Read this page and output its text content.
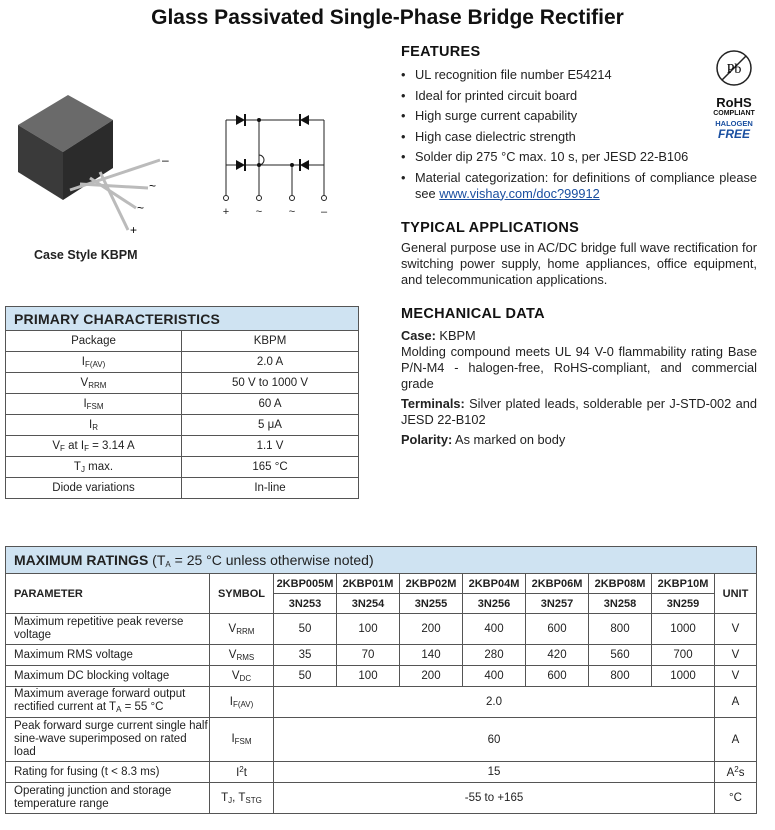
Glass Passivated Single-Phase Bridge Rectifier
–
~
~
+
Case Style KBPM
+ ~ ~ –
Pb
RoHS
COMPLIANT
HALOGEN
FREE
FEATURES
• UL recognition file number E54214
• Ideal for printed circuit board
• High surge current capability
• High case dielectric strength
• Solder dip 275 °C max. 10 s, per JESD 22-B106
• Material categorization: for definitions of compliance please see www.vishay.com/doc?99912
TYPICAL APPLICATIONS
General purpose use in AC/DC bridge full wave rectification for switching power supply, home appliances, office equipment, and telecommunication applications.
MECHANICAL DATA
Case: KBPM
Molding compound meets UL 94 V-0 flammability rating Base P/N-M4 - halogen-free, RoHS-compliant, and commercial grade
Terminals: Silver plated leads, solderable per J-STD-002 and JESD 22-B102
Polarity: As marked on body
PRIMARY CHARACTERISTICS	
Package	KBPM
$I_{F(AV)}$	2.0 A
$V_{RRM}$	50 V to 1000 V
$I_{FSM}$	60 A
$I_R$	5 μA
$V_F$ at $I_F = 3.14$ A	1.1 V
$T_J$ max.	165 °C
Diode variations	In-line
MAXIMUM RATINGS ($T_A = 25$ °C unless otherwise noted)									
PARAMETER	SYMBOL	2KBP005M	2KBP01M	2KBP02M	2KBP04M	2KBP06M	2KBP08M	2KBP10M	UNIT
		3N253	3N254	3N255	3N256	3N257	3N258	3N259	
Maximum repetitive peak reverse voltage	$V_{RRM}$	50	100	200	400	600	800	1000	V
Maximum RMS voltage	$V_{RMS}$	35	70	140	280	420	560	700	V
Maximum DC blocking voltage	$V_{DC}$	50	100	200	400	600	800	1000	V
Maximum average forward output rectified current at $T_A = 55$ °C	$I_{F(AV)}$	2.0							A
Peak forward surge current single half sine-wave superimposed on rated load	$I_{FSM}$	60							A
Rating for fusing (t < 8.3 ms)	$I^2t$	15							$A^2s$
Operating junction and storage temperature range	$T_J$, $T_{STG}$	-55 to +165							°C
